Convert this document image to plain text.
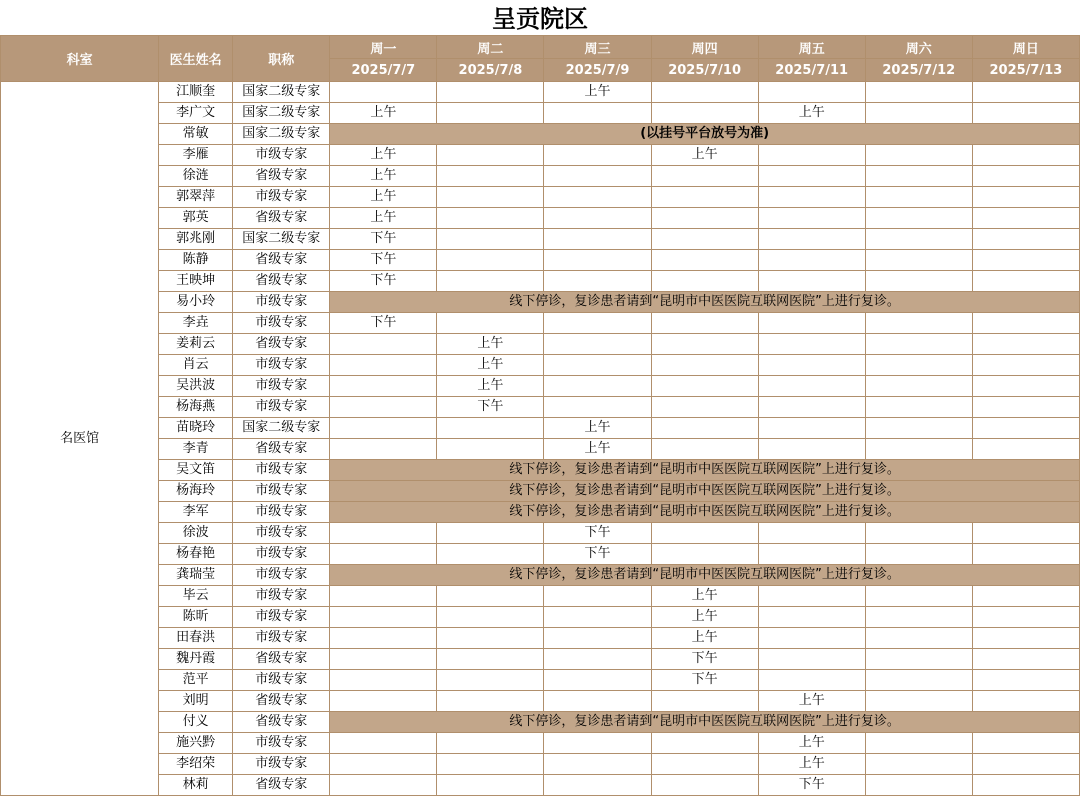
呈贡院区
科室	医生姓名	职称	周一	周二	周三	周四	周五	周六	周日
			2025/7/7	2025/7/8	2025/7/9	2025/7/10	2025/7/11	2025/7/12	2025/7/13
名医馆	江顺奎	国家二级专家			上午				
	李广文	国家二级专家	上午				上午		
	常敏	国家二级专家	(以挂号平台放号为准)						
	李雁	市级专家	上午			上午			
	徐涟	省级专家	上午						
	郭翠萍	市级专家	上午						
	郭英	省级专家	上午						
	郭兆刚	国家二级专家	下午						
	陈静	省级专家	下午						
	王映坤	省级专家	下午						
	易小玲	市级专家	线下停诊，复诊患者请到“昆明市中医医院互联网医院”上进行复诊。						
	李垚	市级专家	下午						
	姜莉云	省级专家		上午					
	肖云	市级专家		上午					
	吴洪波	市级专家		上午					
	杨海燕	市级专家		下午					
	苗晓玲	国家二级专家			上午				
	李青	省级专家			上午				
	吴文笛	市级专家	线下停诊，复诊患者请到“昆明市中医医院互联网医院”上进行复诊。						
	杨海玲	市级专家	线下停诊，复诊患者请到“昆明市中医医院互联网医院”上进行复诊。						
	李军	市级专家	线下停诊，复诊患者请到“昆明市中医医院互联网医院”上进行复诊。						
	徐波	市级专家			下午				
	杨春艳	市级专家			下午				
	龚瑞莹	市级专家	线下停诊，复诊患者请到“昆明市中医医院互联网医院”上进行复诊。						
	毕云	市级专家				上午			
	陈昕	市级专家				上午			
	田春洪	市级专家				上午			
	魏丹霞	省级专家				下午			
	范平	市级专家				下午			
	刘明	省级专家					上午		
	付义	省级专家	线下停诊，复诊患者请到“昆明市中医医院互联网医院”上进行复诊。						
	施兴黔	市级专家					上午		
	李绍荣	市级专家					上午		
	林莉	省级专家					下午		
